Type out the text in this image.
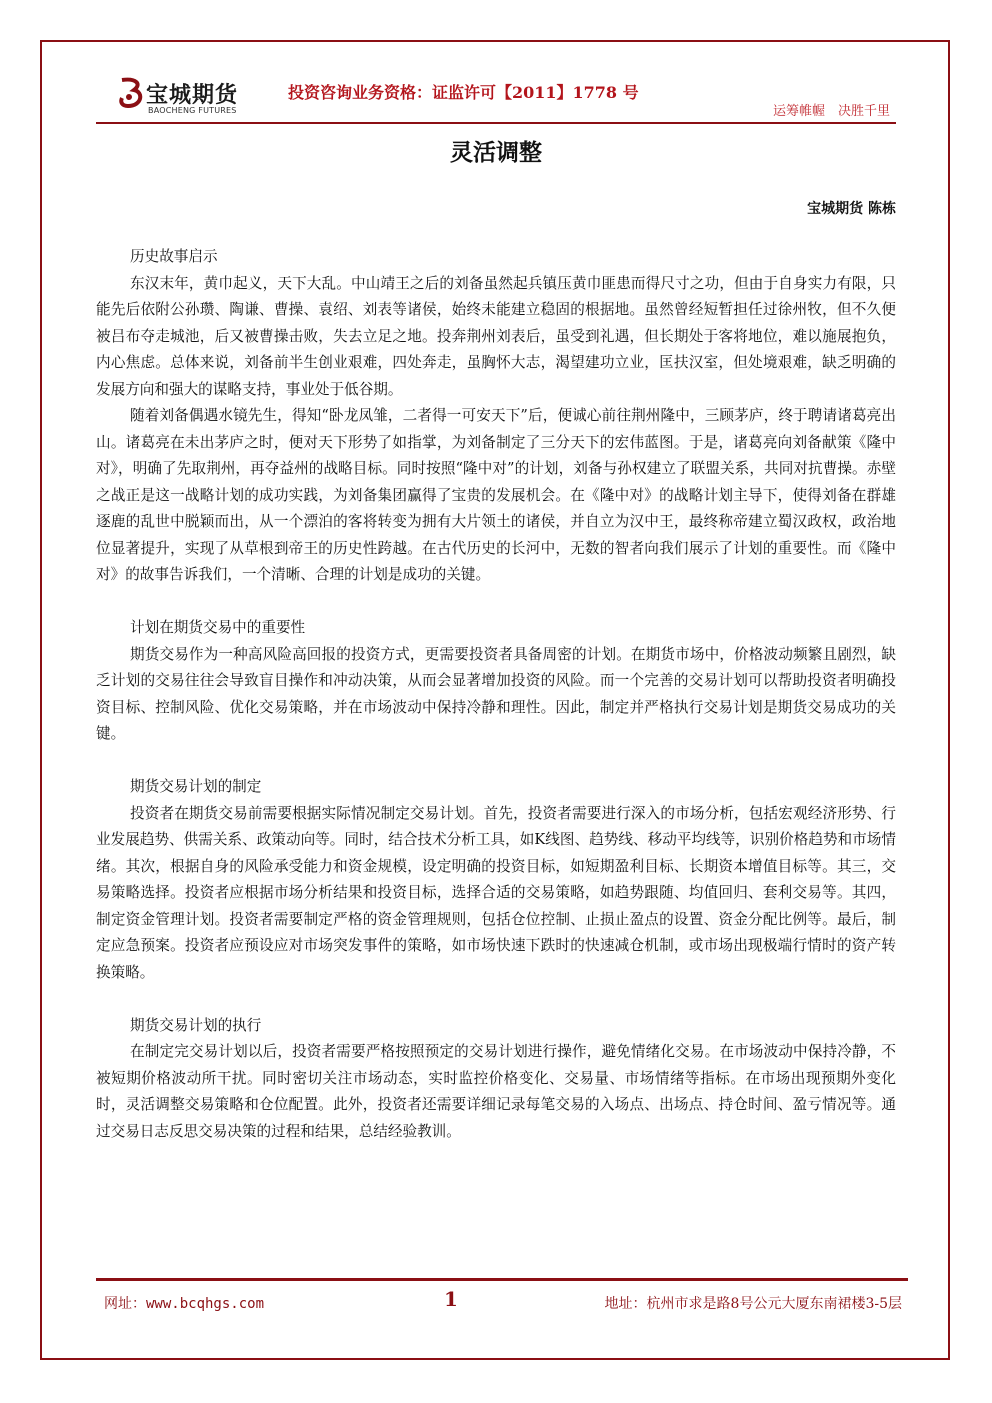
宝城期货
BAOCHENG FUTURES
投资咨询业务资格：证监许可【2011】1778 号
运筹帷幄　决胜千里
灵活调整
宝城期货 陈栋

历史故事启示

东汉末年，黄巾起义，天下大乱。中山靖王之后的刘备虽然起兵镇压黄巾匪患而得尺寸之功，但由于自身实力有限，只能先后依附公孙瓒、陶谦、曹操、袁绍、刘表等诸侯，始终未能建立稳固的根据地。虽然曾经短暂担任过徐州牧，但不久便被吕布夺走城池，后又被曹操击败，失去立足之地。投奔荆州刘表后，虽受到礼遇，但长期处于客将地位，难以施展抱负，内心焦虑。总体来说，刘备前半生创业艰难，四处奔走，虽胸怀大志，渴望建功立业，匡扶汉室，但处境艰难，缺乏明确的发展方向和强大的谋略支持，事业处于低谷期。

随着刘备偶遇水镜先生，得知“卧龙凤雏，二者得一可安天下”后，便诚心前往荆州隆中，三顾茅庐，终于聘请诸葛亮出山。诸葛亮在未出茅庐之时，便对天下形势了如指掌，为刘备制定了三分天下的宏伟蓝图。于是，诸葛亮向刘备献策《隆中对》，明确了先取荆州，再夺益州的战略目标。同时按照“隆中对”的计划，刘备与孙权建立了联盟关系，共同对抗曹操。赤壁之战正是这一战略计划的成功实践，为刘备集团赢得了宝贵的发展机会。在《隆中对》的战略计划主导下，使得刘备在群雄逐鹿的乱世中脱颖而出，从一个漂泊的客将转变为拥有大片领土的诸侯，并自立为汉中王，最终称帝建立蜀汉政权，政治地位显著提升，实现了从草根到帝王的历史性跨越。在古代历史的长河中，无数的智者向我们展示了计划的重要性。而《隆中对》的故事告诉我们，一个清晰、合理的计划是成功的关键。

计划在期货交易中的重要性

期货交易作为一种高风险高回报的投资方式，更需要投资者具备周密的计划。在期货市场中，价格波动频繁且剧烈，缺乏计划的交易往往会导致盲目操作和冲动决策，从而会显著增加投资的风险。而一个完善的交易计划可以帮助投资者明确投资目标、控制风险、优化交易策略，并在市场波动中保持冷静和理性。因此，制定并严格执行交易计划是期货交易成功的关键。

期货交易计划的制定

投资者在期货交易前需要根据实际情况制定交易计划。首先，投资者需要进行深入的市场分析，包括宏观经济形势、行业发展趋势、供需关系、政策动向等。同时，结合技术分析工具，如K线图、趋势线、移动平均线等，识别价格趋势和市场情绪。其次，根据自身的风险承受能力和资金规模，设定明确的投资目标，如短期盈利目标、长期资本增值目标等。其三，交易策略选择。投资者应根据市场分析结果和投资目标，选择合适的交易策略，如趋势跟随、均值回归、套利交易等。其四，制定资金管理计划。投资者需要制定严格的资金管理规则，包括仓位控制、止损止盈点的设置、资金分配比例等。最后，制定应急预案。投资者应预设应对市场突发事件的策略，如市场快速下跌时的快速减仓机制，或市场出现极端行情时的资产转换策略。

期货交易计划的执行

在制定完交易计划以后，投资者需要严格按照预定的交易计划进行操作，避免情绪化交易。在市场波动中保持冷静，不被短期价格波动所干扰。同时密切关注市场动态，实时监控价格变化、交易量、市场情绪等指标。在市场出现预期外变化时，灵活调整交易策略和仓位配置。此外，投资者还需要详细记录每笔交易的入场点、出场点、持仓时间、盈亏情况等。通过交易日志反思交易决策的过程和结果，总结经验教训。

网址：www.bcqhgs.com	1	地址：杭州市求是路8号公元大厦东南裙楼3-5层
